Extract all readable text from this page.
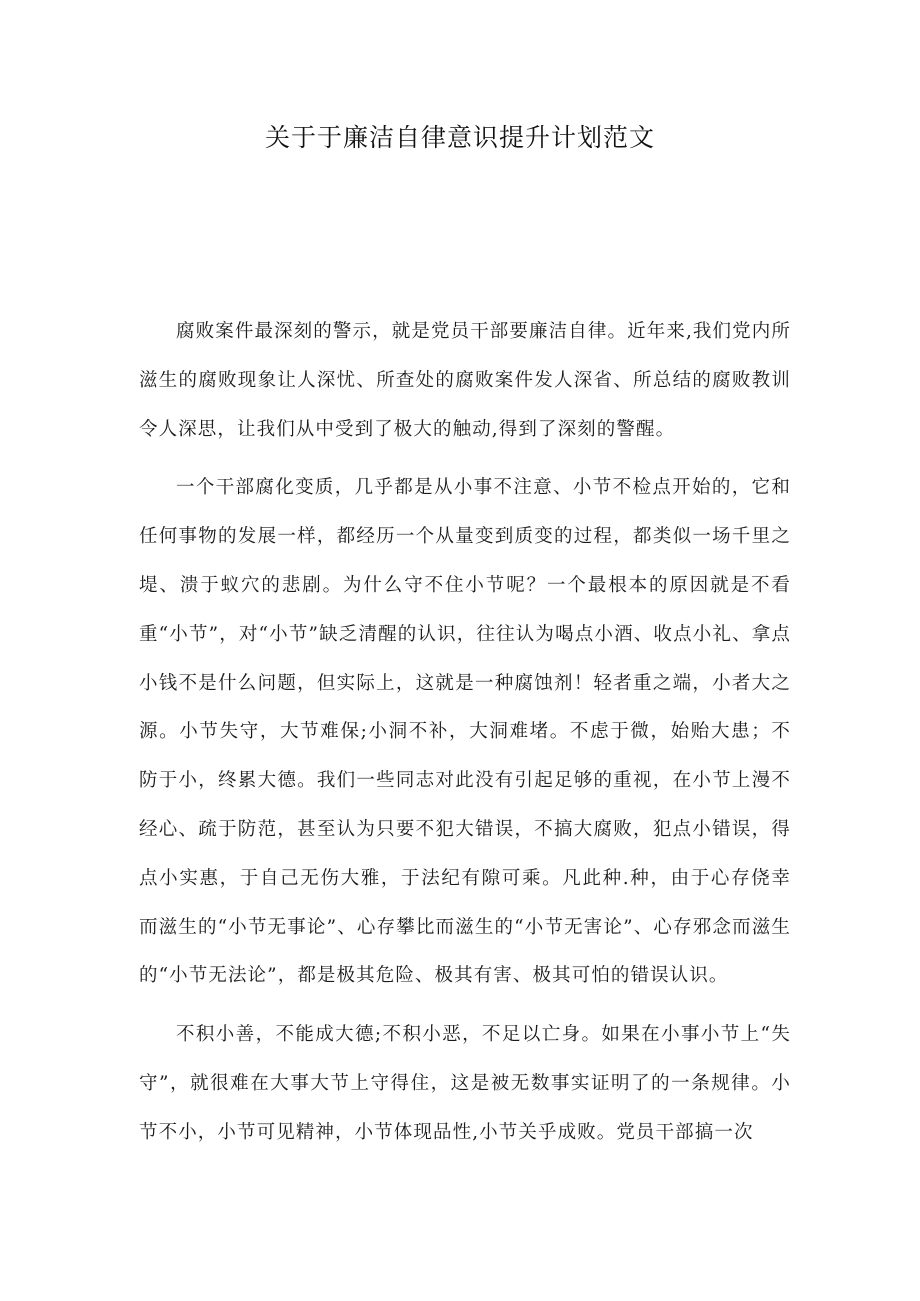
关于于廉洁自律意识提升计划范文

腐败案件最深刻的警示，就是党员干部要廉洁自律。近年来,我们党内所滋生的腐败现象让人深忧、所查处的腐败案件发人深省、所总结的腐败教训令人深思，让我们从中受到了极大的触动,得到了深刻的警醒。

一个干部腐化变质，几乎都是从小事不注意、小节不检点开始的，它和任何事物的发展一样，都经历一个从量变到质变的过程，都类似一场千里之堤、溃于蚁穴的悲剧。为什么守不住小节呢？一个最根本的原因就是不看重“小节”，对“小节”缺乏清醒的认识，往往认为喝点小酒、收点小礼、拿点小钱不是什么问题，但实际上，这就是一种腐蚀剂！轻者重之端，小者大之源。小节失守，大节难保;小洞不补，大洞难堵。不虑于微，始贻大患；不防于小，终累大德。我们一些同志对此没有引起足够的重视，在小节上漫不经心、疏于防范，甚至认为只要不犯大错误，不搞大腐败，犯点小错误，得点小实惠，于自己无伤大雅，于法纪有隙可乘。凡此种.种，由于心存侥幸而滋生的“小节无事论”、心存攀比而滋生的“小节无害论”、心存邪念而滋生的“小节无法论”，都是极其危险、极其有害、极其可怕的错误认识。

不积小善，不能成大德;不积小恶，不足以亡身。如果在小事小节上“失守”，就很难在大事大节上守得住，这是被无数事实证明了的一条规律。小节不小，小节可见精神，小节体现品性,小节关乎成败。党员干部搞一次
